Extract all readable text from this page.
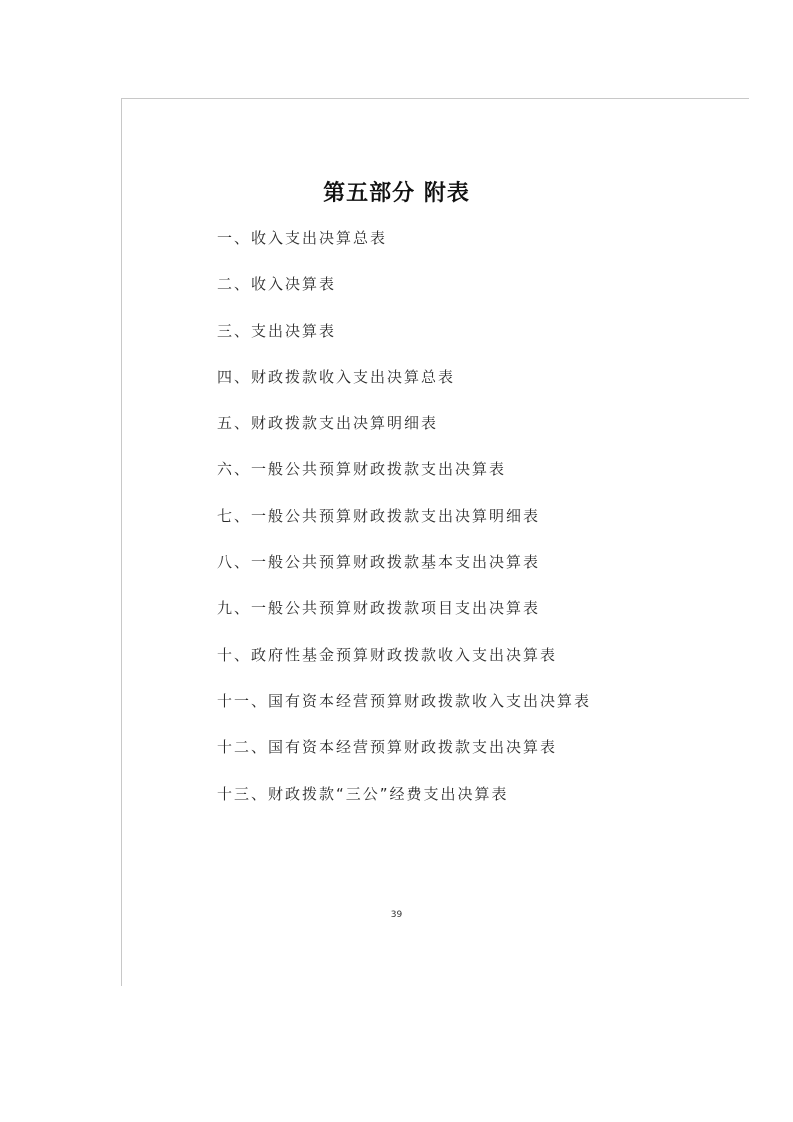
第五部分 附表
一、收入支出决算总表
二、收入决算表
三、支出决算表
四、财政拨款收入支出决算总表
五、财政拨款支出决算明细表
六、一般公共预算财政拨款支出决算表
七、一般公共预算财政拨款支出决算明细表
八、一般公共预算财政拨款基本支出决算表
九、一般公共预算财政拨款项目支出决算表
十、政府性基金预算财政拨款收入支出决算表
十一、国有资本经营预算财政拨款收入支出决算表
十二、国有资本经营预算财政拨款支出决算表
十三、财政拨款“三公”经费支出决算表
39
